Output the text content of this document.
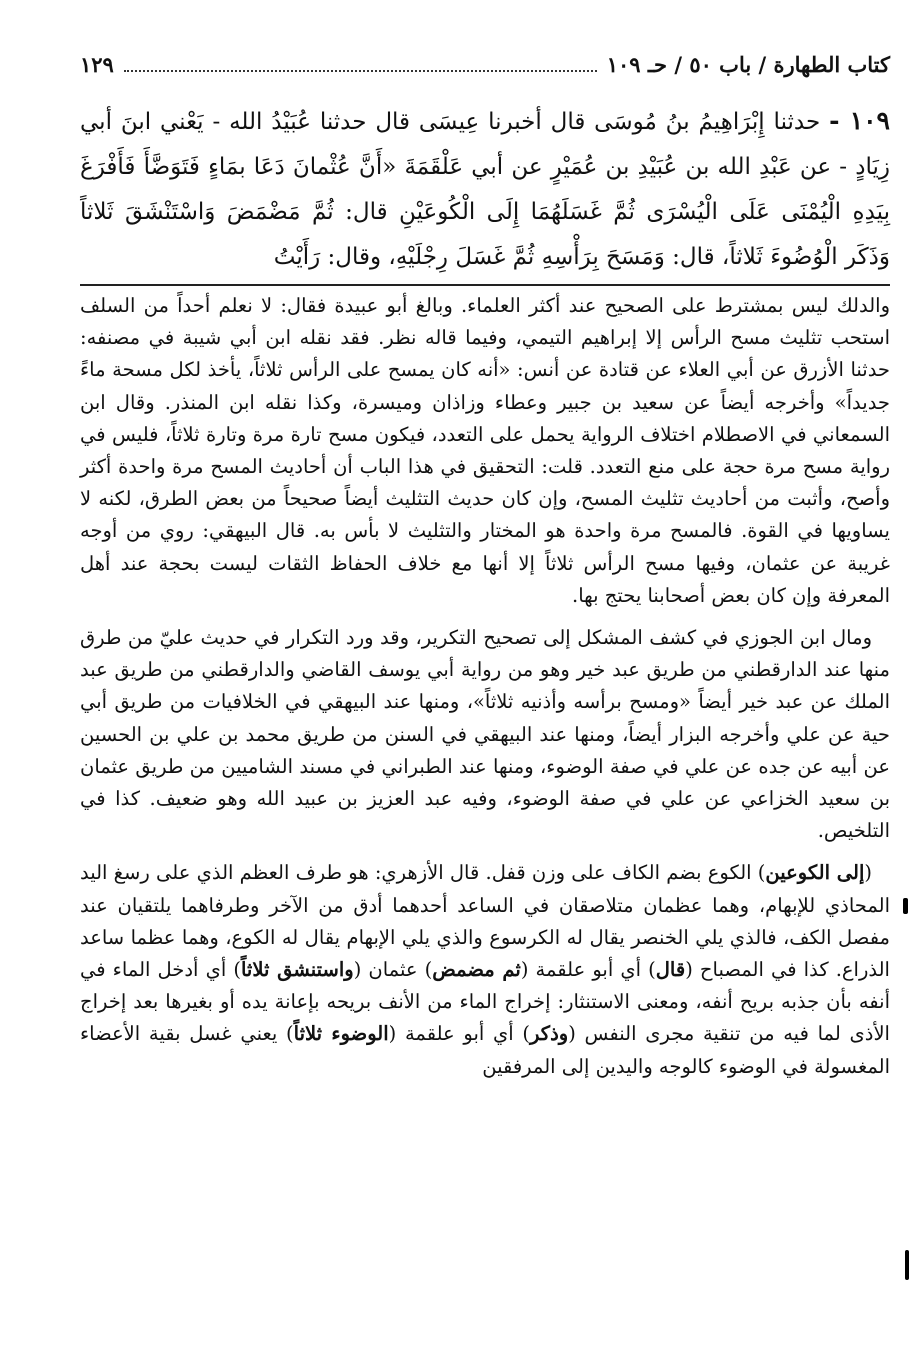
كتاب الطهارة / باب ٥٠ / حـ ١٠٩
١٢٩
١٠٩ - حدثنا إِبْرَاهِيمُ بنُ مُوسَى قال أخبرنا عِيسَى قال حدثنا عُبَيْدُ الله - يَعْني ابنَ أبي زِيَادٍ - عن عَبْدِ الله بن عُبَيْدِ بن عُمَيْرٍ عن أبي عَلْقَمَةَ «أَنَّ عُثْمانَ دَعَا بمَاءٍ فَتَوَضَّأَ فَأَفْرَغَ بِيَدِهِ الْيُمْنَى عَلَى الْيُسْرَى ثُمَّ غَسَلَهُمَا إِلَى الْكُوعَيْنِ قال: ثُمَّ مَضْمَضَ وَاسْتَنْشَقَ ثَلاثاً وَذَكَر الْوُضُوءَ ثَلاثاً، قال: وَمَسَحَ بِرَأْسِهِ ثُمَّ غَسَلَ رِجْلَيْهِ، وقال: رَأَيْتُ

والدلك ليس بمشترط على الصحيح عند أكثر العلماء. وبالغ أبو عبيدة فقال: لا نعلم أحداً من السلف استحب تثليث مسح الرأس إلا إبراهيم التيمي، وفيما قاله نظر. فقد نقله ابن أبي شيبة في مصنفه: حدثنا الأزرق عن أبي العلاء عن قتادة عن أنس: «أنه كان يمسح على الرأس ثلاثاً، يأخذ لكل مسحة ماءً جديداً» وأخرجه أيضاً عن سعيد بن جبير وعطاء وزاذان وميسرة، وكذا نقله ابن المنذر. وقال ابن السمعاني في الاصطلام اختلاف الرواية يحمل على التعدد، فيكون مسح تارة مرة وتارة ثلاثاً، فليس في رواية مسح مرة حجة على منع التعدد. قلت: التحقيق في هذا الباب أن أحاديث المسح مرة واحدة أكثر وأصح، وأثبت من أحاديث تثليث المسح، وإن كان حديث التثليث أيضاً صحيحاً من بعض الطرق، لكنه لا يساويها في القوة. فالمسح مرة واحدة هو المختار والتثليث لا بأس به. قال البيهقي: روي من أوجه غريبة عن عثمان، وفيها مسح الرأس ثلاثاً إلا أنها مع خلاف الحفاظ الثقات ليست بحجة عند أهل المعرفة وإن كان بعض أصحابنا يحتج بها.

ومال ابن الجوزي في كشف المشكل إلى تصحيح التكرير، وقد ورد التكرار في حديث عليّ من طرق منها عند الدارقطني من طريق عبد خير وهو من رواية أبي يوسف القاضي والدارقطني من طريق عبد الملك عن عبد خير أيضاً «ومسح برأسه وأذنيه ثلاثاً»، ومنها عند البيهقي في الخلافيات من طريق أبي حية عن علي وأخرجه البزار أيضاً، ومنها عند البيهقي في السنن من طريق محمد بن علي بن الحسين عن أبيه عن جده عن علي في صفة الوضوء، ومنها عند الطبراني في مسند الشاميين من طريق عثمان بن سعيد الخزاعي عن علي في صفة الوضوء، وفيه عبد العزيز بن عبيد الله وهو ضعيف. كذا في التلخيص.

(إلى الكوعين) الكوع بضم الكاف على وزن قفل. قال الأزهري: هو طرف العظم الذي على رسغ اليد المحاذي للإبهام، وهما عظمان متلاصقان في الساعد أحدهما أدق من الآخر وطرفاهما يلتقيان عند مفصل الكف، فالذي يلي الخنصر يقال له الكرسوع والذي يلي الإبهام يقال له الكوع، وهما عظما ساعد الذراع. كذا في المصباح (قال) أي أبو علقمة (ثم مضمض) عثمان (واستنشق ثلاثاً) أي أدخل الماء في أنفه بأن جذبه بريح أنفه، ومعنى الاستنثار: إخراج الماء من الأنف بريحه بإعانة يده أو بغيرها بعد إخراج الأذى لما فيه من تنقية مجرى النفس (وذكر) أي أبو علقمة (الوضوء ثلاثاً) يعني غسل بقية الأعضاء المغسولة في الوضوء كالوجه واليدين إلى المرفقين
